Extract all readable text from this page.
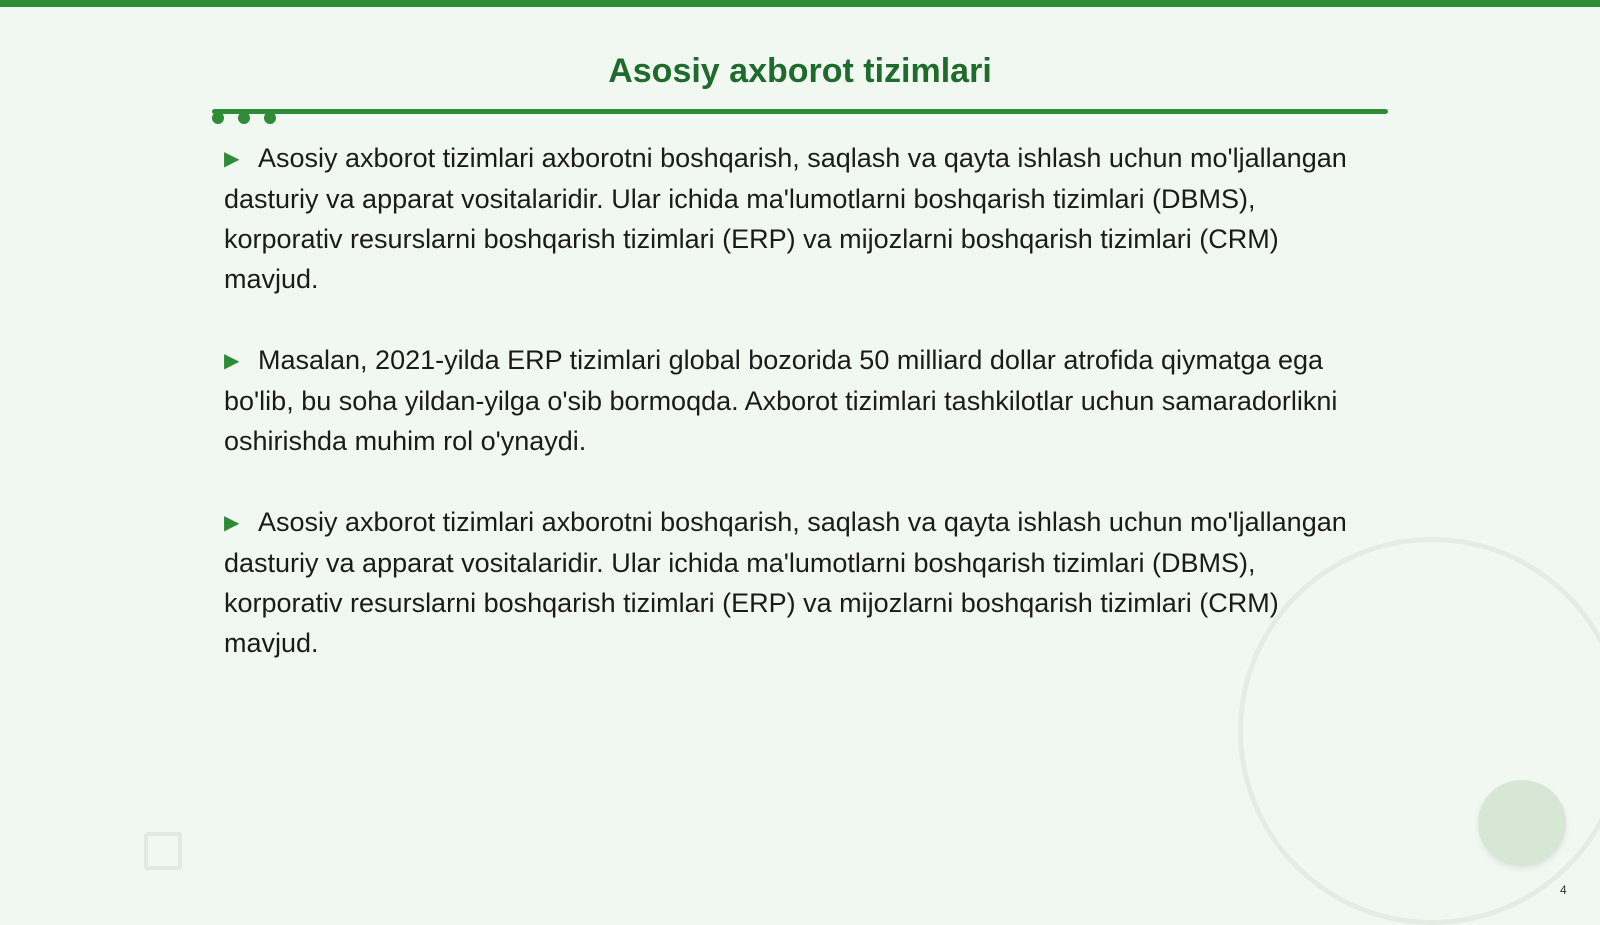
Asosiy axborot tizimlari

▶ Asosiy axborot tizimlari axborotni boshqarish, saqlash va qayta ishlash uchun mo'ljallangan dasturiy va apparat vositalaridir. Ular ichida ma'lumotlarni boshqarish tizimlari (DBMS), korporativ resurslarni boshqarish tizimlari (ERP) va mijozlarni boshqarish tizimlari (CRM) mavjud.

▶ Masalan, 2021-yilda ERP tizimlari global bozorida 50 milliard dollar atrofida qiymatga ega bo'lib, bu soha yildan-yilga o'sib bormoqda. Axborot tizimlari tashkilotlar uchun samaradorlikni oshirishda muhim rol o'ynaydi.

▶ Asosiy axborot tizimlari axborotni boshqarish, saqlash va qayta ishlash uchun mo'ljallangan dasturiy va apparat vositalaridir. Ular ichida ma'lumotlarni boshqarish tizimlari (DBMS), korporativ resurslarni boshqarish tizimlari (ERP) va mijozlarni boshqarish tizimlari (CRM) mavjud.

4
